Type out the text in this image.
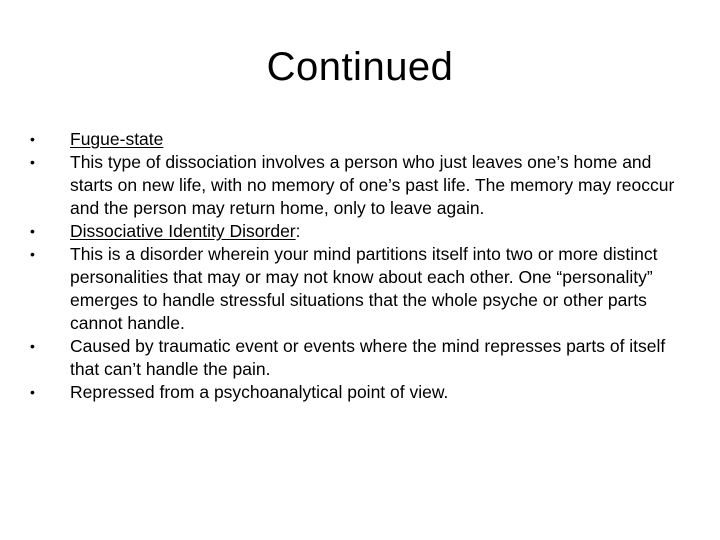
Continued
•	Fugue-state
•	This type of dissociation involves a person who just leaves one’s home and starts on new life, with no memory of one’s past life. The memory may reoccur and the person may return home, only to leave again.
•	Dissociative Identity Disorder:
•	This is a disorder wherein your mind partitions itself into two or more distinct personalities that may or may not know about each other. One “personality” emerges to handle stressful situations that the whole psyche or other parts cannot handle.
•	Caused by traumatic event or events where the mind represses parts of itself that can’t handle the pain.
•	Repressed from a psychoanalytical point of view.
